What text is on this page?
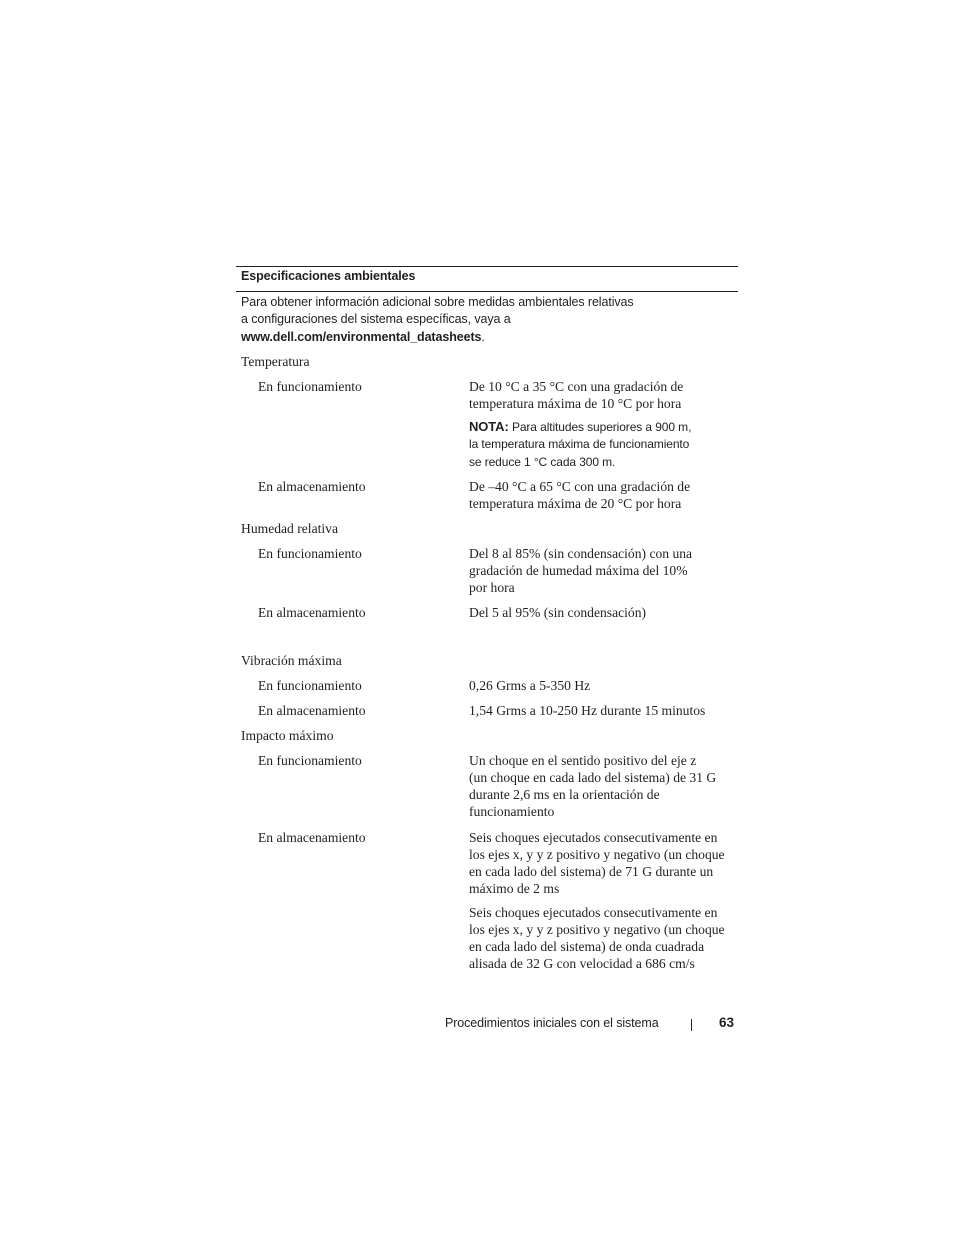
Especificaciones ambientales
Para obtener información adicional sobre medidas ambientales relativas
a configuraciones del sistema específicas, vaya a
www.dell.com/environmental_datasheets.
Temperatura
En funcionamiento	De 10 °C a 35 °C con una gradación de
temperatura máxima de 10 °C por hora
NOTA: Para altitudes superiores a 900 m,
la temperatura máxima de funcionamiento
se reduce 1 °C cada 300 m.
En almacenamiento	De –40 °C a 65 °C con una gradación de
temperatura máxima de 20 °C por hora
Humedad relativa
En funcionamiento	Del 8 al 85% (sin condensación) con una
gradación de humedad máxima del 10%
por hora
En almacenamiento	Del 5 al 95% (sin condensación)
Vibración máxima
En funcionamiento	0,26 Grms a 5-350 Hz
En almacenamiento	1,54 Grms a 10-250 Hz durante 15 minutos
Impacto máximo
En funcionamiento	Un choque en el sentido positivo del eje z
(un choque en cada lado del sistema) de 31 G
durante 2,6 ms en la orientación de
funcionamiento
En almacenamiento	Seis choques ejecutados consecutivamente en
los ejes x, y y z positivo y negativo (un choque
en cada lado del sistema) de 71 G durante un
máximo de 2 ms
Seis choques ejecutados consecutivamente en
los ejes x, y y z positivo y negativo (un choque
en cada lado del sistema) de onda cuadrada
alisada de 32 G con velocidad a 686 cm/s
Procedimientos iniciales con el sistema	63
